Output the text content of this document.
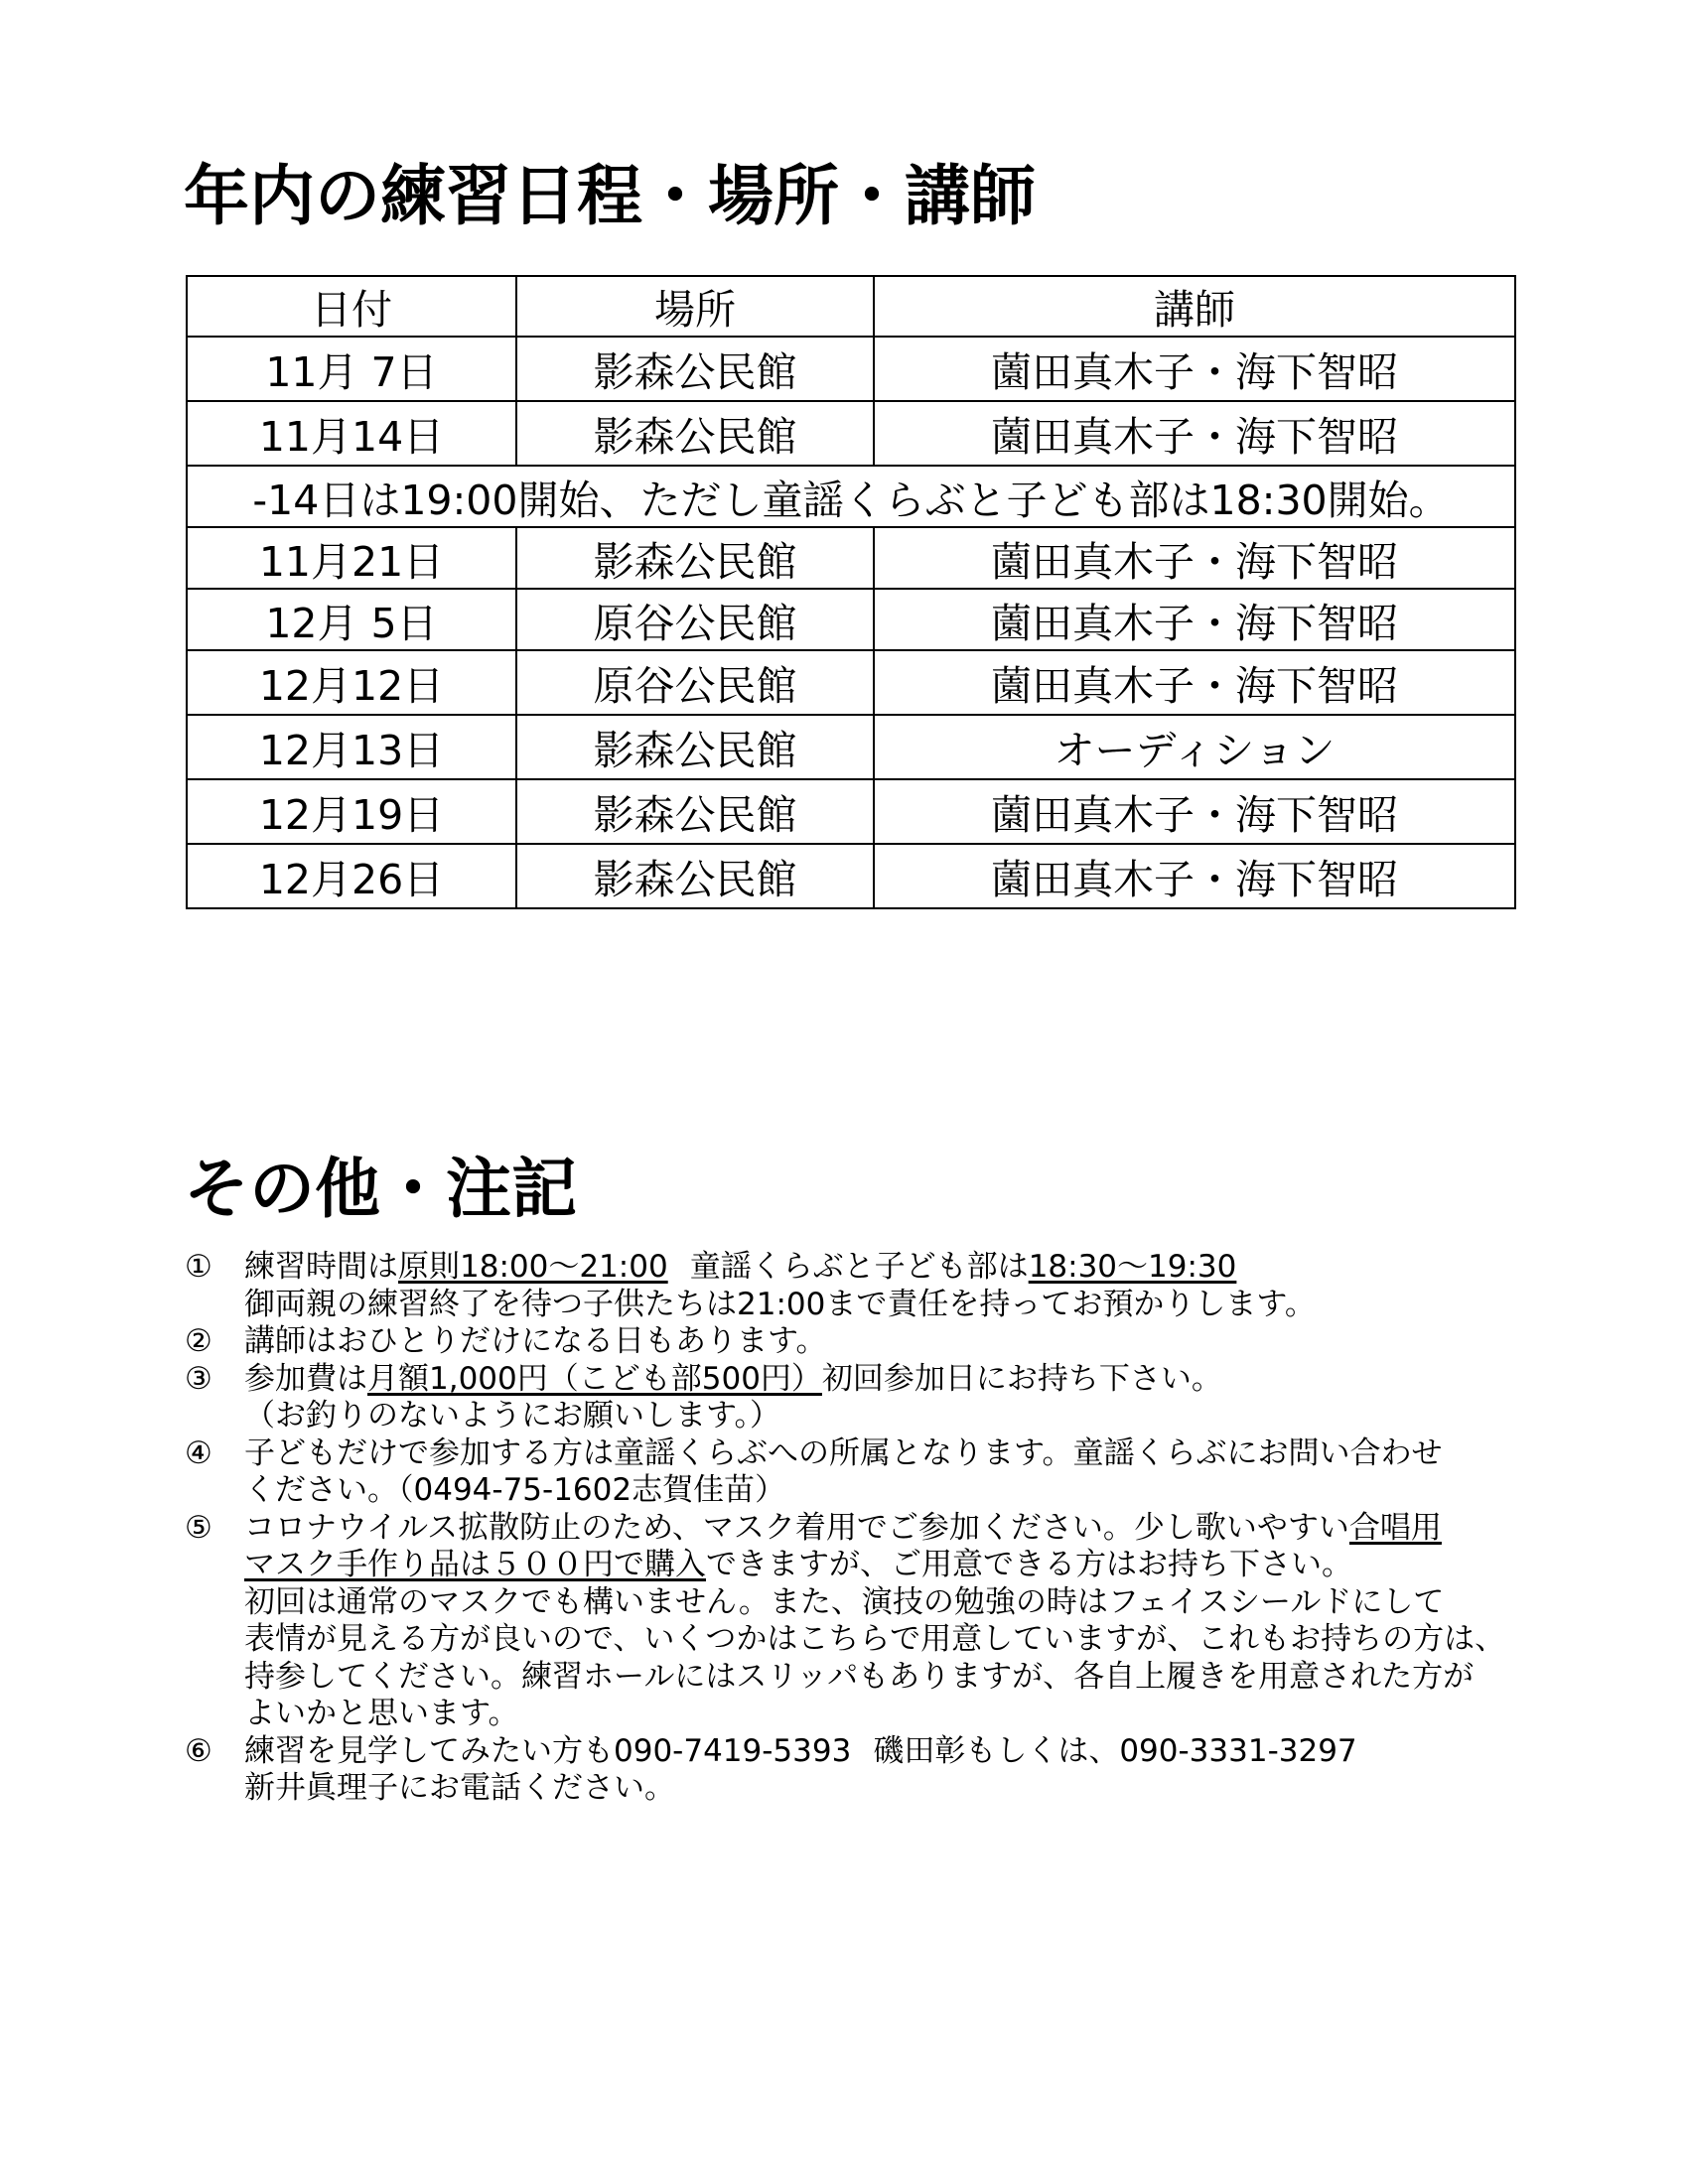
年内の練習日程・場所・講師
日付	場所	講師
11月 7日	影森公民館	薗田真木子・海下智昭
11月14日	影森公民館	薗田真木子・海下智昭
-14日は19:00開始、ただし童謡くらぶと子ども部は18:30開始。		
11月21日	影森公民館	薗田真木子・海下智昭
12月 5日	原谷公民館	薗田真木子・海下智昭
12月12日	原谷公民館	薗田真木子・海下智昭
12月13日	影森公民館	オーディション
12月19日	影森公民館	薗田真木子・海下智昭
12月26日	影森公民館	薗田真木子・海下智昭
その他・注記
①	練習時間は原則18:00～21:00 童謡くらぶと子ども部は18:30～19:30
御両親の練習終了を待つ子供たちは21:00まで責任を持ってお預かりします。
②	講師はおひとりだけになる日もあります。
③	参加費は月額1,000円（こども部500円）初回参加日にお持ち下さい。
（お釣りのないようにお願いします。）
④	子どもだけで参加する方は童謡くらぶへの所属となります。童謡くらぶにお問い合わせ
ください。（0494-75-1602志賀佳苗）
⑤	コロナウイルス拡散防止のため、マスク着用でご参加ください。少し歌いやすい合唱用
マスク手作り品は５００円で購入できますが、ご用意できる方はお持ち下さい。
初回は通常のマスクでも構いません。また、演技の勉強の時はフェイスシールドにして
表情が見える方が良いので、いくつかはこちらで用意していますが、これもお持ちの方は、
持参してください。練習ホールにはスリッパもありますが、各自上履きを用意された方が
よいかと思います。
⑥	練習を見学してみたい方も090-7419-5393 磯田彰もしくは、090-3331-3297
新井眞理子にお電話ください。
